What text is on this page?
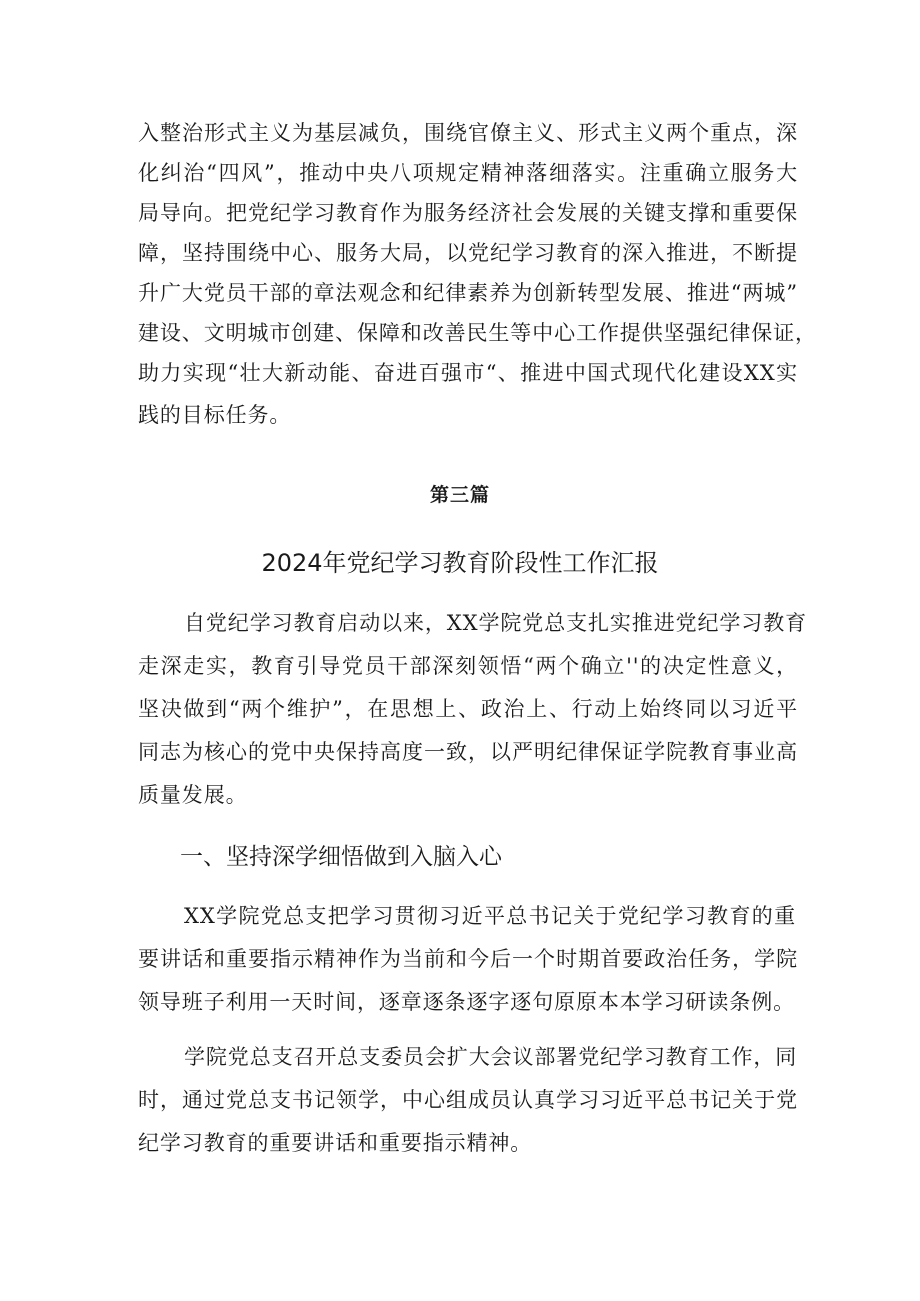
入整治形式主义为基层减负，围绕官僚主义、形式主义两个重点，深
化纠治“四风”，推动中央八项规定精神落细落实。注重确立服务大
局导向。把党纪学习教育作为服务经济社会发展的关键支撑和重要保
障，坚持围绕中心、服务大局，以党纪学习教育的深入推进，不断提
升广大党员干部的章法观念和纪律素养为创新转型发展、推进“两城”
建设、文明城市创建、保障和改善民生等中心工作提供坚强纪律保证，
助力实现“壮大新动能、奋进百强市“、推进中国式现代化建设XX实
践的目标任务。
第三篇
2024年党纪学习教育阶段性工作汇报
自党纪学习教育启动以来，XX学院党总支扎实推进党纪学习教育
走深走实，教育引导党员干部深刻领悟“两个确立''的决定性意义，
坚决做到“两个维护”，在思想上、政治上、行动上始终同以习近平
同志为核心的党中央保持高度一致，以严明纪律保证学院教育事业高
质量发展。
一、坚持深学细悟做到入脑入心
XX学院党总支把学习贯彻习近平总书记关于党纪学习教育的重
要讲话和重要指示精神作为当前和今后一个时期首要政治任务，学院
领导班子利用一天时间，逐章逐条逐字逐句原原本本学习研读条例。
学院党总支召开总支委员会扩大会议部署党纪学习教育工作，同
时，通过党总支书记领学，中心组成员认真学习习近平总书记关于党
纪学习教育的重要讲话和重要指示精神。
